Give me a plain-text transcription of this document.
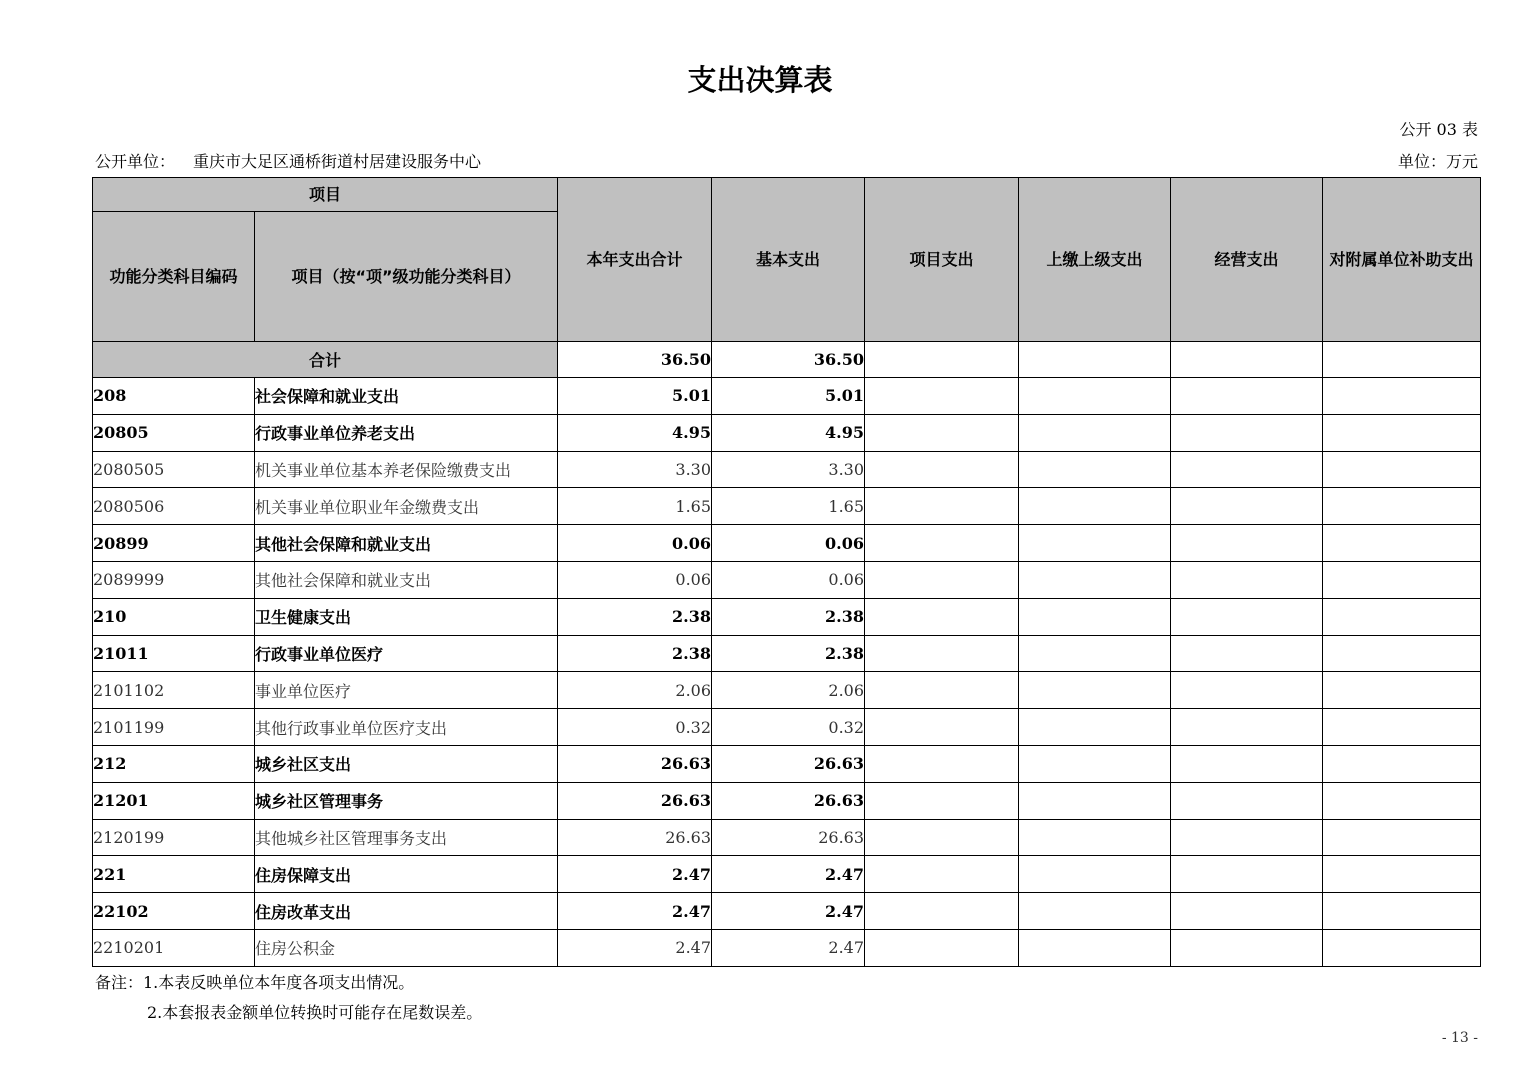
支出决算表
公开 03 表
公开单位： 重庆市大足区通桥街道村居建设服务中心	单位：万元
项目		本年支出合计	基本支出	项目支出	上缴上级支出	经营支出	对附属单位补助支出
功能分类科目编码	项目（按“项”级功能分类科目）						
合计		36.50	36.50				
208	社会保障和就业支出	5.01	5.01				
20805	行政事业单位养老支出	4.95	4.95				
2080505	机关事业单位基本养老保险缴费支出	3.30	3.30				
2080506	机关事业单位职业年金缴费支出	1.65	1.65				
20899	其他社会保障和就业支出	0.06	0.06				
2089999	其他社会保障和就业支出	0.06	0.06				
210	卫生健康支出	2.38	2.38				
21011	行政事业单位医疗	2.38	2.38				
2101102	事业单位医疗	2.06	2.06				
2101199	其他行政事业单位医疗支出	0.32	0.32				
212	城乡社区支出	26.63	26.63				
21201	城乡社区管理事务	26.63	26.63				
2120199	其他城乡社区管理事务支出	26.63	26.63				
221	住房保障支出	2.47	2.47				
22102	住房改革支出	2.47	2.47				
2210201	住房公积金	2.47	2.47				
备注：1.本表反映单位本年度各项支出情况。
2.本套报表金额单位转换时可能存在尾数误差。
- 13 -
